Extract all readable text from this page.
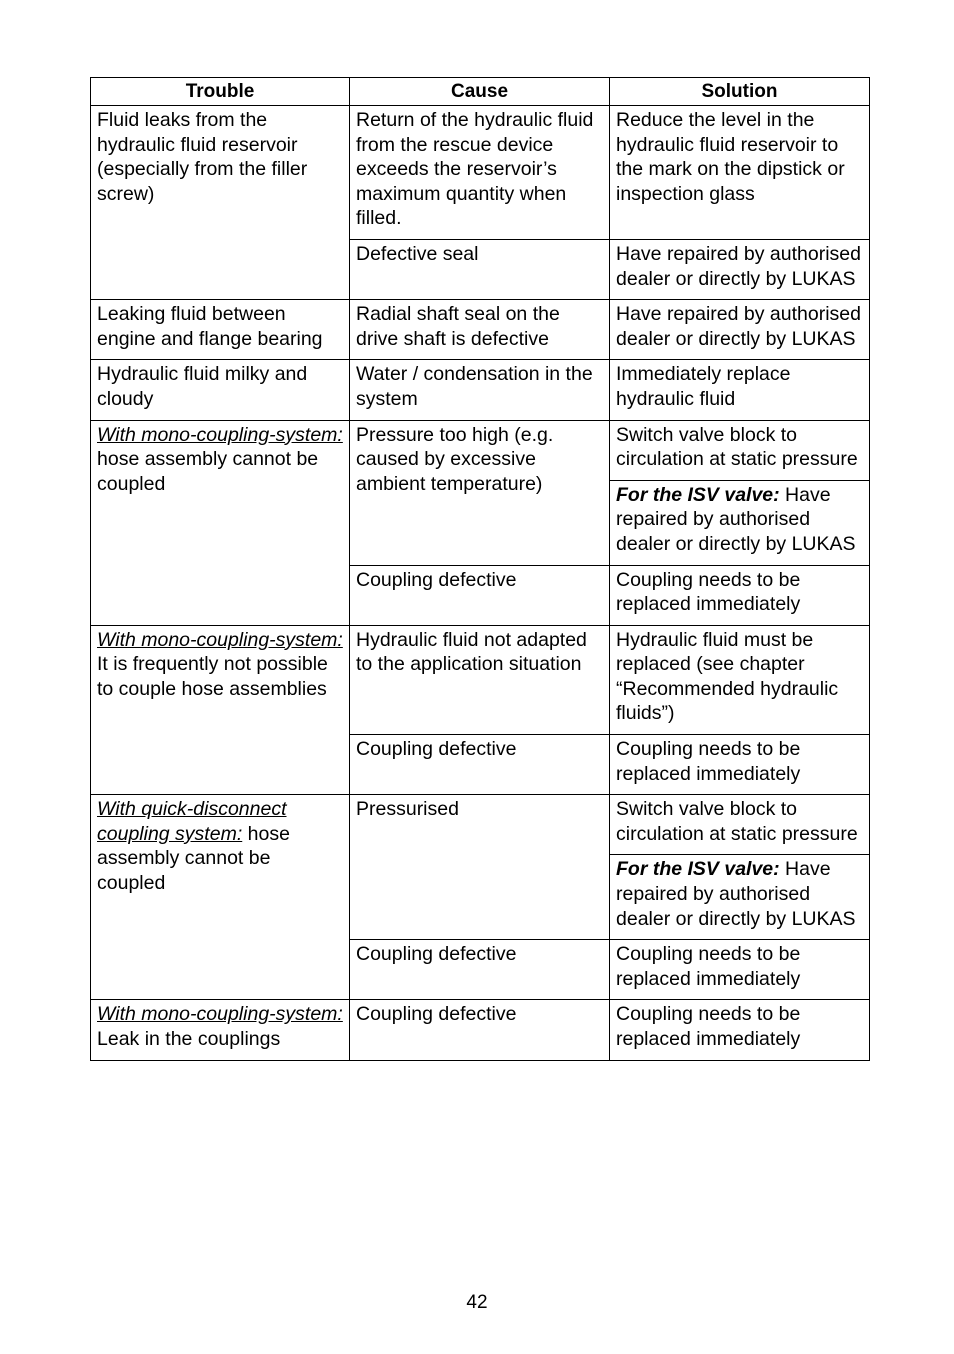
Trouble	Cause	Solution
Fluid leaks from the hydraulic fluid reservoir (especially from the filler screw)	Return of the hydraulic fluid from the rescue device exceeds the reservoir’s maximum quantity when filled.	Reduce the level in the hydraulic fluid reservoir to the mark on the dipstick or inspection glass
	Defective seal	Have repaired by authorised dealer or directly by LUKAS
Leaking fluid between engine and flange bearing	Radial shaft seal on the drive shaft is defective	Have repaired by authorised dealer or directly by LUKAS
Hydraulic fluid milky and cloudy	Water / condensation in the system	Immediately replace hydraulic fluid
With mono-coupling-system: hose assembly cannot be coupled	Pressure too high (e.g. caused by excessive ambient temperature)	Switch valve block to circulation at static pressure
		For the ISV valve: Have repaired by authorised dealer or directly by LUKAS
	Coupling defective	Coupling needs to be replaced immediately
With mono-coupling-system: It is frequently not possible to couple hose assemblies	Hydraulic fluid not adapted to the application situation	Hydraulic fluid must be replaced (see chapter “Recommended hydraulic fluids”)
	Coupling defective	Coupling needs to be replaced immediately
With quick-disconnect coupling system: hose assembly cannot be coupled	Pressurised	Switch valve block to circulation at static pressure
		For the ISV valve: Have repaired by authorised dealer or directly by LUKAS
	Coupling defective	Coupling needs to be replaced immediately
With mono-coupling-system: Leak in the couplings	Coupling defective	Coupling needs to be replaced immediately
42
